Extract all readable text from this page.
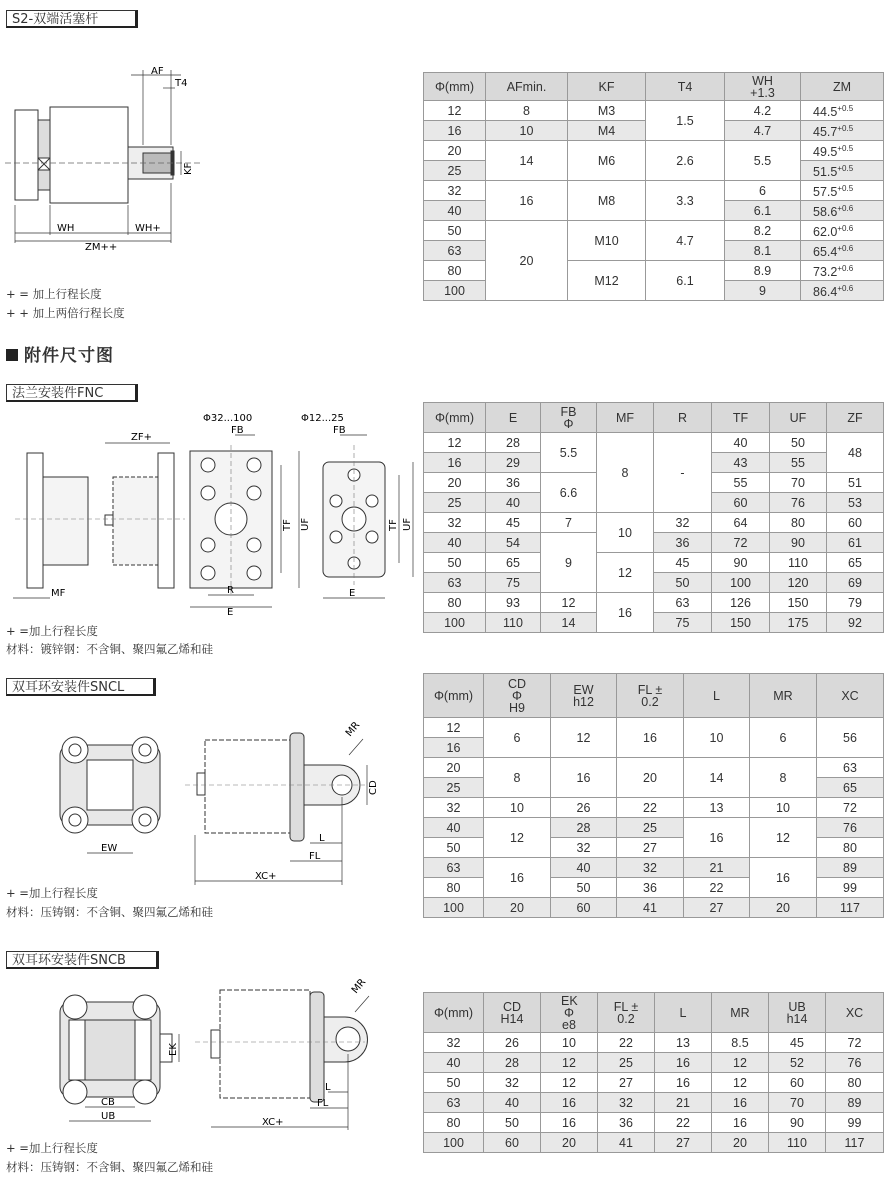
S2-双端活塞杆
AF
T4
KF
WH	WH+
ZM++
+ = 加上行程长度
+ + 加上两倍行程长度
Φ(mm)	AFmin.	KF	T4	WH +1.3	ZM
12	8	M3	1.5	4.2	$44.5^{+0.5}$
16	10	M4		4.7	$45.7^{+0.5}$
20	14	M6	2.6	5.5	$49.5^{+0.5}$
25					$51.5^{+0.5}$
32	16	M8	3.3	6	$57.5^{+0.5}$
40				6.1	$58.6^{+0.6}$
50	20	M10	4.7	8.2	$62.0^{+0.6}$
63				8.1	$65.4^{+0.6}$
80		M12	6.1	8.9	$73.2^{+0.6}$
100				9	$86.4^{+0.6}$
附件尺寸图
法兰安装件FNC
ZF+
MF
Φ32...100	Φ12...25
FB	FB
TF UF	TF UF
R
E
E
+ =加上行程长度
材料：镀锌钢：不含铜、聚四氟乙烯和硅
Φ(mm)	E	FB Φ	MF	R	TF	UF	ZF
12	28	5.5	8	-	40	50	48
16	29				43	55	
20	36	6.6			55	70	51
25	40				60	76	53
32	45	7	10	32	64	80	60
40	54	9		36	72	90	61
50	65		12	45	90	110	65
63	75			50	100	120	69
80	93	12	16	63	126	150	79
100	110	14		75	150	175	92
双耳环安装件SNCL
EW
MR
CD
L
FL
XC+
+ =加上行程长度
材料：压铸钢：不含铜、聚四氟乙烯和硅
Φ(mm)	CD Φ H9	EW h12	FL ± 0.2	L	MR	XC
12	6	12	16	10	6	56
16						
20	8	16	20	14	8	63
25						65
32	10	26	22	13	10	72
40	12	28	25	16	12	76
50		32	27			80
63	16	40	32	21	16	89
80		50	36	22		99
100	20	60	41	27	20	117
双耳环安装件SNCB
CB
UB
EK
MR
L
FL
XC+
+ =加上行程长度
材料：压铸钢：不含铜、聚四氟乙烯和硅
Φ(mm)	CD H14	EK Φ e8	FL ± 0.2	L	MR	UB h14	XC
32	26	10	22	13	8.5	45	72
40	28	12	25	16	12	52	76
50	32	12	27	16	12	60	80
63	40	16	32	21	16	70	89
80	50	16	36	22	16	90	99
100	60	20	41	27	20	110	117
